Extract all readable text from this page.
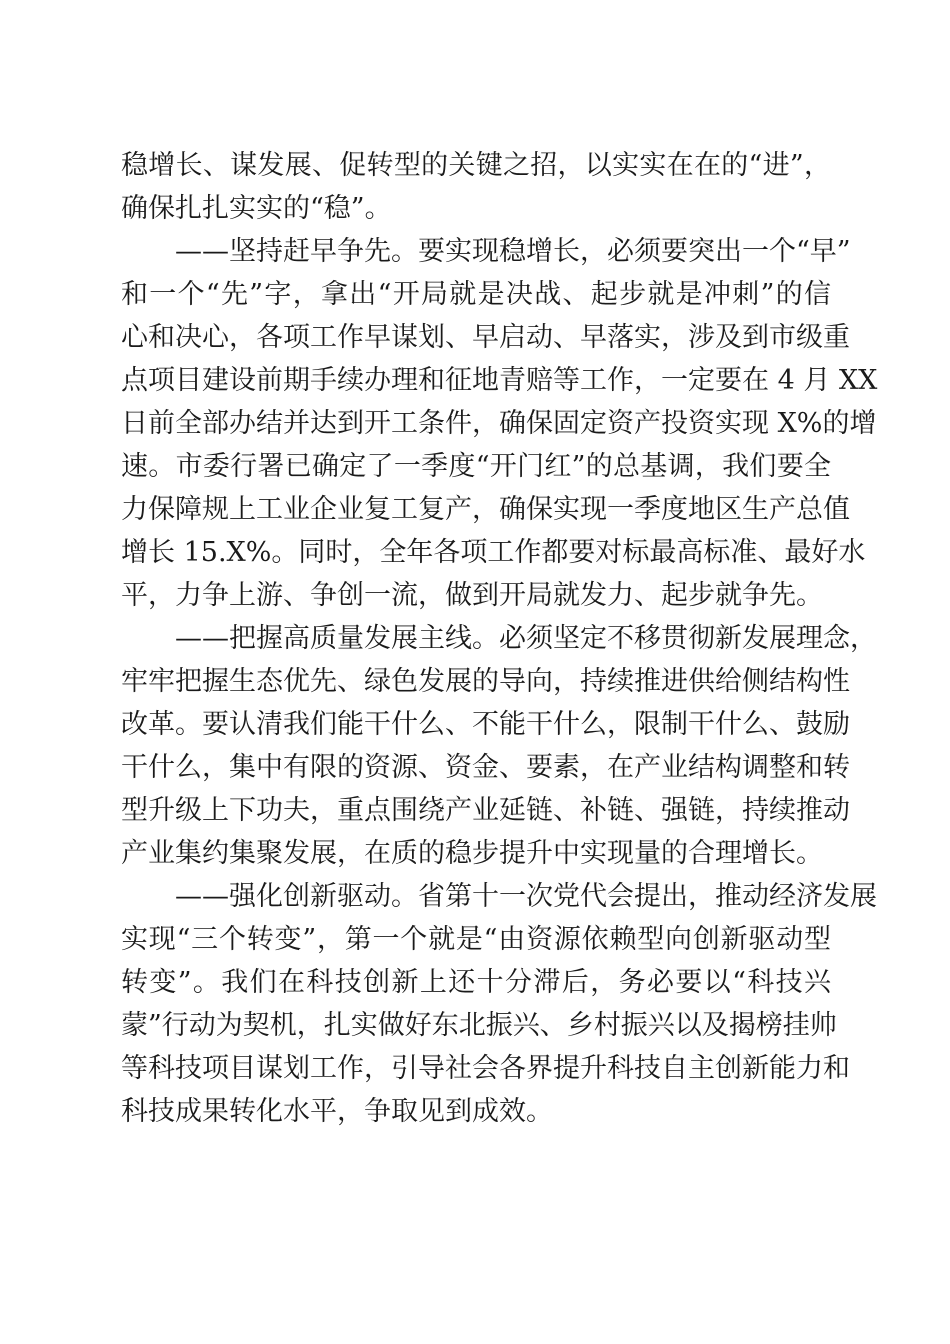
稳增长、谋发展、促转型的关键之招，以实实在在的“进”，
确保扎扎实实的“稳”。
——坚持赶早争先。要实现稳增长，必须要突出一个“早”
和一个“先”字，拿出“开局就是决战、起步就是冲刺”的信
心和决心，各项工作早谋划、早启动、早落实，涉及到市级重
点项目建设前期手续办理和征地青赔等工作，一定要在 4 月 XX
日前全部办结并达到开工条件，确保固定资产投资实现 X%的增
速。市委行署已确定了一季度“开门红”的总基调，我们要全
力保障规上工业企业复工复产，确保实现一季度地区生产总值
增长 15.X%。同时，全年各项工作都要对标最高标准、最好水
平，力争上游、争创一流，做到开局就发力、起步就争先。
——把握高质量发展主线。必须坚定不移贯彻新发展理念，
牢牢把握生态优先、绿色发展的导向，持续推进供给侧结构性
改革。要认清我们能干什么、不能干什么，限制干什么、鼓励
干什么，集中有限的资源、资金、要素，在产业结构调整和转
型升级上下功夫，重点围绕产业延链、补链、强链，持续推动
产业集约集聚发展，在质的稳步提升中实现量的合理增长。
——强化创新驱动。省第十一次党代会提出，推动经济发展
实现“三个转变”，第一个就是“由资源依赖型向创新驱动型
转变”。我们在科技创新上还十分滞后，务必要以“科技兴
蒙”行动为契机，扎实做好东北振兴、乡村振兴以及揭榜挂帅
等科技项目谋划工作，引导社会各界提升科技自主创新能力和
科技成果转化水平，争取见到成效。
